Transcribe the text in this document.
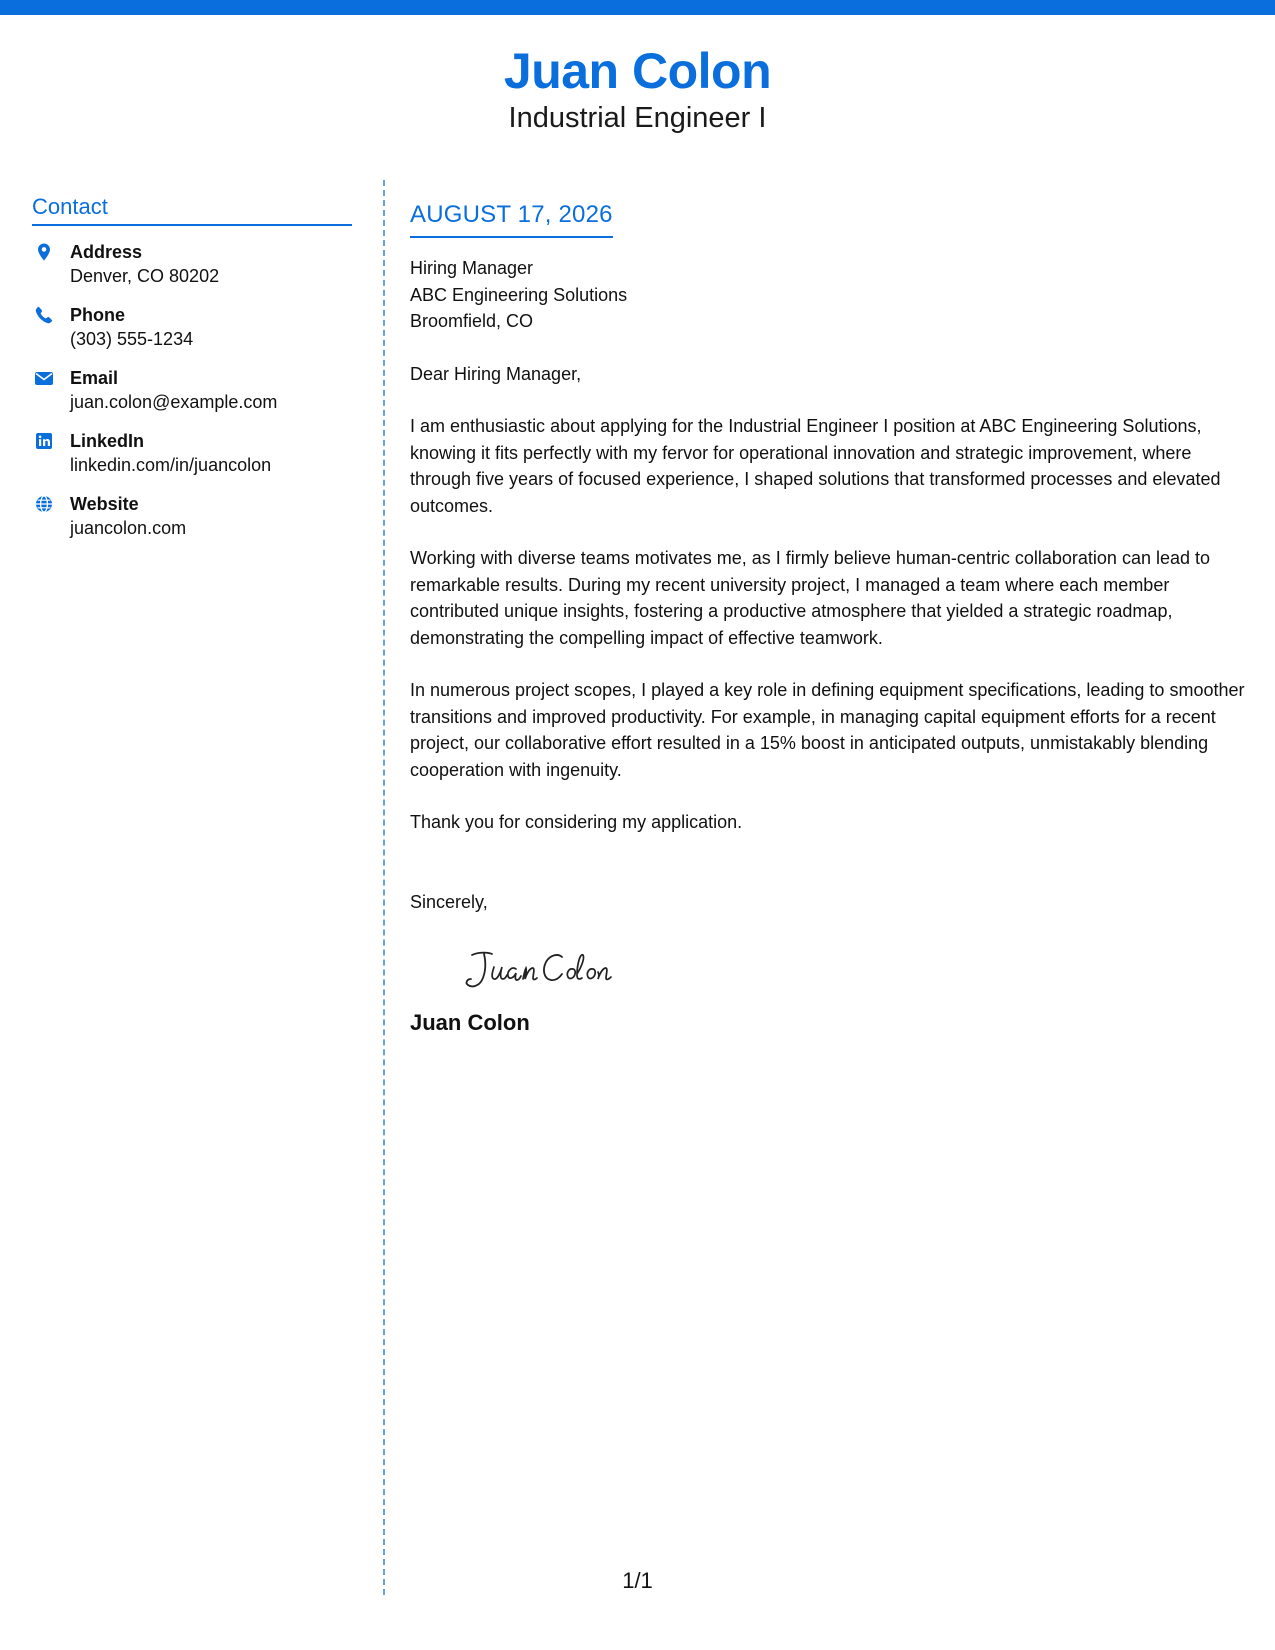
Juan Colon
Industrial Engineer I
Contact
Address
Denver, CO 80202
Phone
(303) 555-1234
Email
juan.colon@example.com
LinkedIn
linkedin.com/in/juancolon
Website
juancolon.com
AUGUST 17, 2026
Hiring Manager
ABC Engineering Solutions
Broomfield, CO
Dear Hiring Manager,
I am enthusiastic about applying for the Industrial Engineer I position at ABC Engineering Solutions, knowing it fits perfectly with my fervor for operational innovation and strategic improvement, where through five years of focused experience, I shaped solutions that transformed processes and elevated outcomes.
Working with diverse teams motivates me, as I firmly believe human-centric collaboration can lead to remarkable results. During my recent university project, I managed a team where each member contributed unique insights, fostering a productive atmosphere that yielded a strategic roadmap, demonstrating the compelling impact of effective teamwork.
In numerous project scopes, I played a key role in defining equipment specifications, leading to smoother transitions and improved productivity. For example, in managing capital equipment efforts for a recent project, our collaborative effort resulted in a 15% boost in anticipated outputs, unmistakably blending cooperation with ingenuity.
Thank you for considering my application.
Sincerely,
Juan Colon
1/1
